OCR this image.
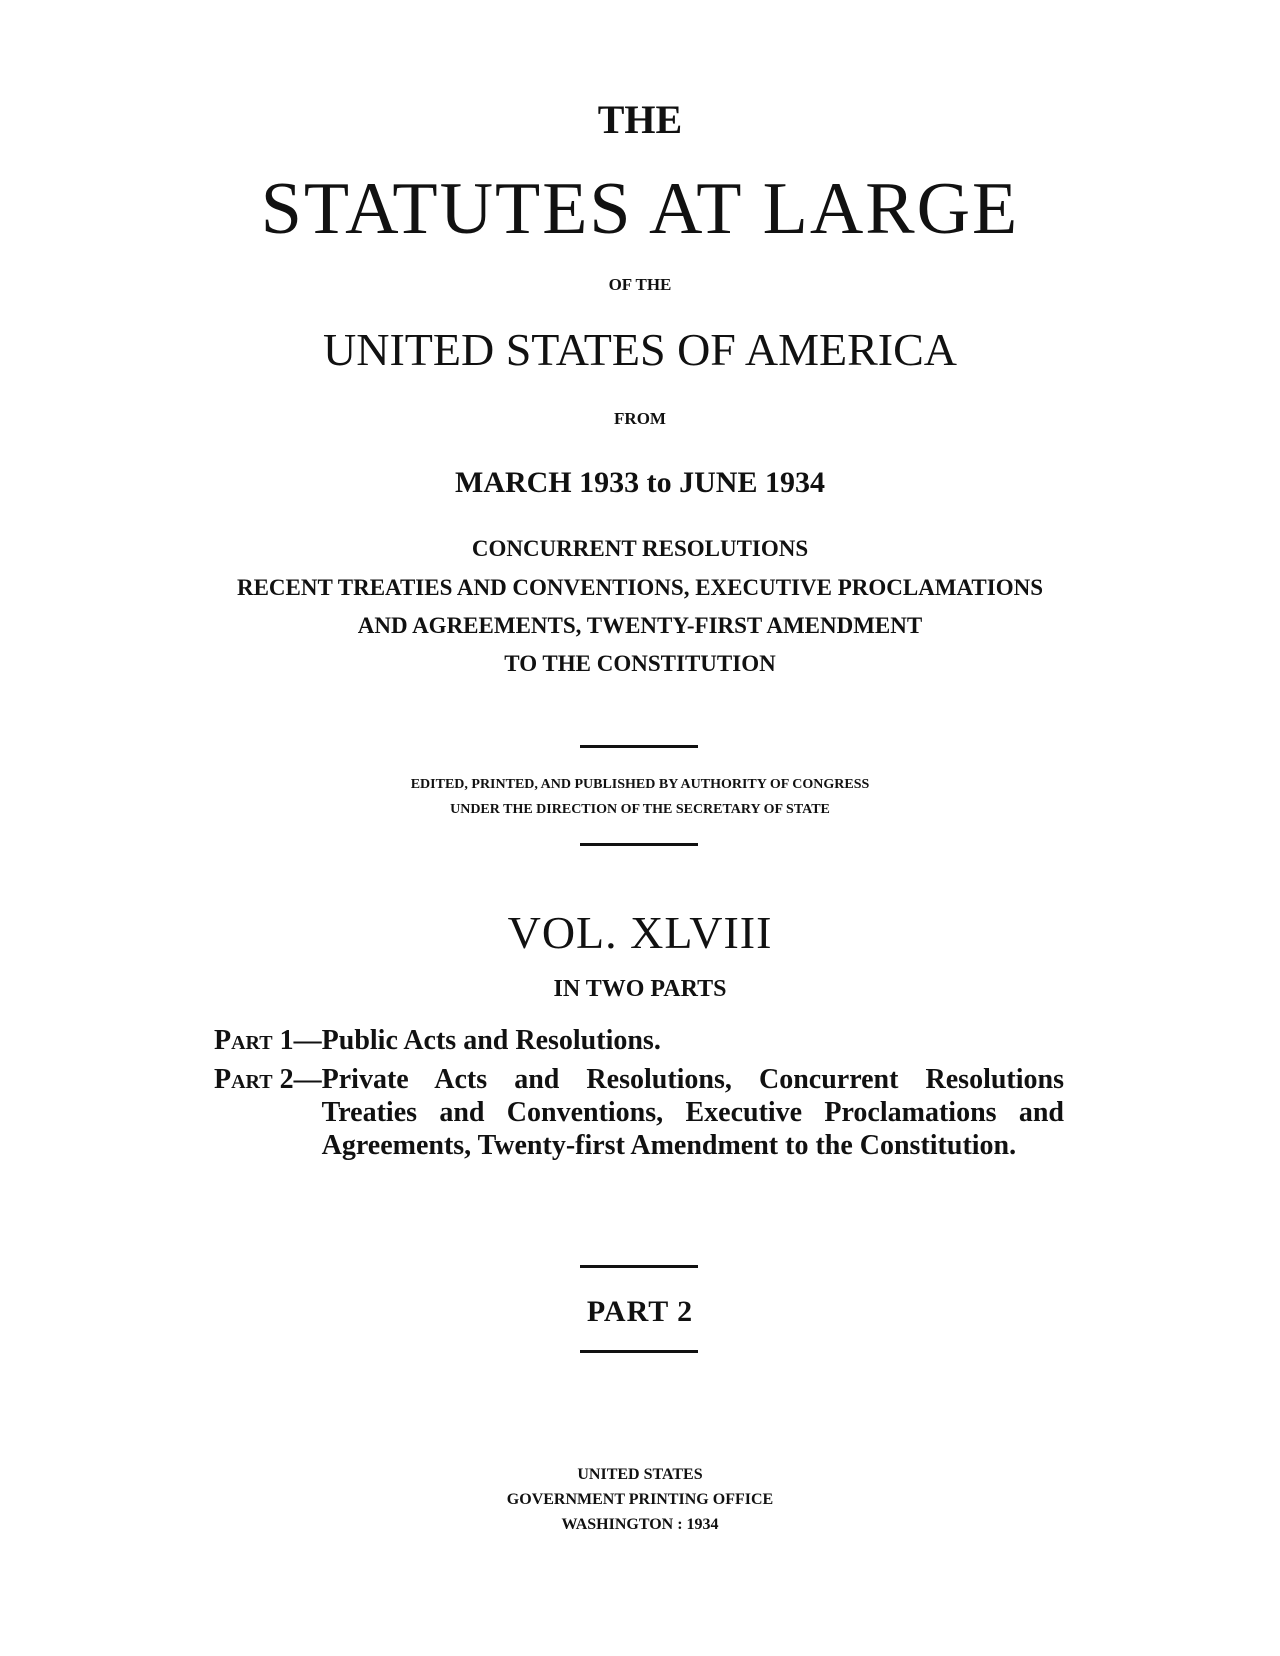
THE
STATUTES AT LARGE
OF THE
UNITED STATES OF AMERICA
FROM
MARCH 1933 to JUNE 1934
CONCURRENT RESOLUTIONS
RECENT TREATIES AND CONVENTIONS, EXECUTIVE PROCLAMATIONS
AND AGREEMENTS, TWENTY-FIRST AMENDMENT
TO THE CONSTITUTION
EDITED, PRINTED, AND PUBLISHED BY AUTHORITY OF CONGRESS
UNDER THE DIRECTION OF THE SECRETARY OF STATE
VOL. XLVIII
IN TWO PARTS
Part 1— Public Acts and Resolutions.
Part 2— Private Acts and Resolutions, Concurrent Resolutions Treaties and Conventions, Executive Proclamations and Agreements, Twenty-first Amendment to the Constitution.
PART 2
UNITED STATES
GOVERNMENT PRINTING OFFICE
WASHINGTON : 1934
